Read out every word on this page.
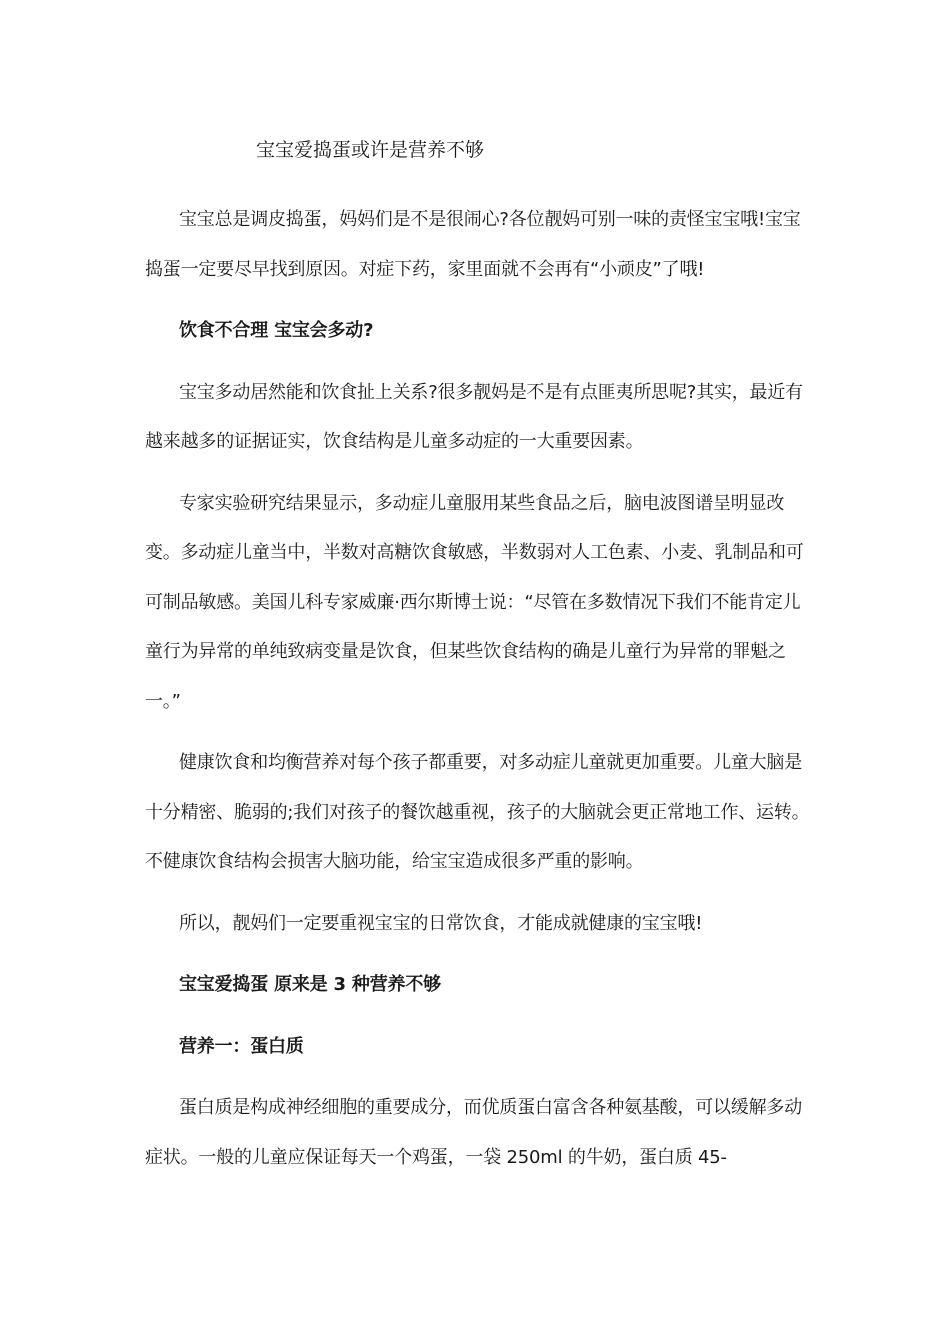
宝宝爱捣蛋或许是营养不够

宝宝总是调皮捣蛋，妈妈们是不是很闹心?各位靓妈可别一味的责怪宝宝哦!宝宝捣蛋一定要尽早找到原因。对症下药，家里面就不会再有“小顽皮”了哦!

饮食不合理 宝宝会多动?

宝宝多动居然能和饮食扯上关系?很多靓妈是不是有点匪夷所思呢?其实，最近有越来越多的证据证实，饮食结构是儿童多动症的一大重要因素。

专家实验研究结果显示，多动症儿童服用某些食品之后，脑电波图谱呈明显改变。多动症儿童当中，半数对高糖饮食敏感，半数弱对人工色素、小麦、乳制品和可可制品敏感。美国儿科专家威廉·西尔斯博士说：“尽管在多数情况下我们不能肯定儿童行为异常的单纯致病变量是饮食，但某些饮食结构的确是儿童行为异常的罪魁之一。”

健康饮食和均衡营养对每个孩子都重要，对多动症儿童就更加重要。儿童大脑是十分精密、脆弱的;我们对孩子的餐饮越重视，孩子的大脑就会更正常地工作、运转。不健康饮食结构会损害大脑功能，给宝宝造成很多严重的影响。

所以，靓妈们一定要重视宝宝的日常饮食，才能成就健康的宝宝哦!

宝宝爱捣蛋 原来是 3 种营养不够

营养一：蛋白质

蛋白质是构成神经细胞的重要成分，而优质蛋白富含各种氨基酸，可以缓解多动症状。一般的儿童应保证每天一个鸡蛋，一袋 250ml 的牛奶，蛋白质 45-
